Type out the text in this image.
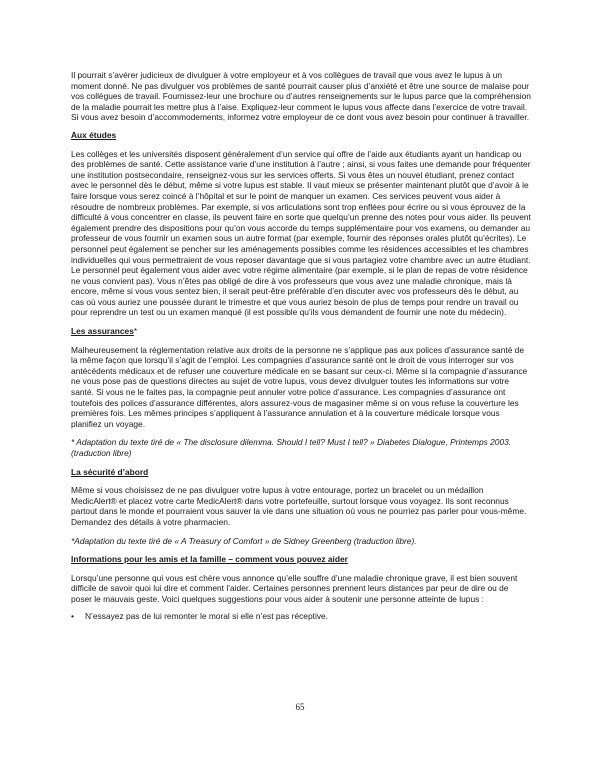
Il pourrait s’avérer judicieux de divulguer à votre employeur et à vos collègues de travail que vous avez le lupus à un moment donné. Ne pas divulguer vos problèmes de santé pourrait causer plus d’anxiété et être une source de malaise pour vos collègues de travail. Fournissez-leur une brochure ou d’autres renseignements sur le lupus parce que la compréhension de la maladie pourrait les mettre plus à l’aise. Expliquez-leur comment le lupus vous affecte dans l’exercice de votre travail. Si vous avez besoin d’accommodements, informez votre employeur de ce dont vous avez besoin pour continuer à travailler.

Aux études

Les collèges et les universités disposent généralement d’un service qui offre de l’aide aux étudiants ayant un handicap ou des problèmes de santé. Cette assistance varie d’une institution à l’autre ; ainsi, si vous faites une demande pour fréquenter une institution postsecondaire, renseignez-vous sur les services offerts. Si vous êtes un nouvel étudiant, prenez contact avec le personnel dès le début, même si votre lupus est stable. Il vaut mieux se présenter maintenant plutôt que d’avoir à le faire lorsque vous serez coincé à l’hôpital et sur le point de manquer un examen. Ces services peuvent vous aider à résoudre de nombreux problèmes. Par exemple, si vos articulations sont trop enflées pour écrire ou si vous éprouvez de la difficulté à vous concentrer en classe, ils peuvent faire en sorte que quelqu’un prenne des notes pour vous aider. Ils peuvent également prendre des dispositions pour qu’on vous accorde du temps supplémentaire pour vos examens, ou demander au professeur de vous fournir un examen sous un autre format (par exemple, fournir des réponses orales plutôt qu’écrites). Le personnel peut également se pencher sur les aménagements possibles comme les résidences accessibles et les chambres individuelles qui vous permettraient de vous reposer davantage que si vous partagiez votre chambre avec un autre étudiant. Le personnel peut également vous aider avec votre régime alimentaire (par exemple, si le plan de repas de votre résidence ne vous convient pas). Vous n’êtes pas obligé de dire à vos professeurs que vous avez une maladie chronique, mais là encore, même si vous vous sentez bien, il serait peut-être préférable d’en discuter avec vos professeurs dès le début, au cas où vous auriez une poussée durant le trimestre et que vous auriez besoin de plus de temps pour rendre un travail ou pour reprendre un test ou un examen manqué (il est possible qu’ils vous demandent de fournir une note du médecin).

Les assurances*

Malheureusement la réglementation relative aux droits de la personne ne s’applique pas aux polices d’assurance santé de la même façon que lorsqu’il s’agit de l’emploi. Les compagnies d’assurance santé ont le droit de vous interroger sur vos antécédents médicaux et de refuser une couverture médicale en se basant sur ceux-ci. Même si la compagnie d’assurance ne vous pose pas de questions directes au sujet de votre lupus, vous devez divulguer toutes les informations sur votre santé. Si vous ne le faites pas, la compagnie peut annuler votre police d’assurance. Les compagnies d’assurance ont toutefois des polices d’assurance différentes, alors assurez-vous de magasiner même si on vous refuse la couverture les premières fois. Les mêmes principes s’appliquent à l’assurance annulation et à la couverture médicale lorsque vous planifiez un voyage.

* Adaptation du texte tiré de « The disclosure dilemma. Should I tell? Must I tell? » Diabetes Dialogue, Printemps 2003. (traduction libre)

La sécurité d’abord

Même si vous choisissez de ne pas divulguer votre lupus à votre entourage, portez un bracelet ou un médaillon MedicAlert® et placez votre carte MedicAlert® dans votre portefeuille, surtout lorsque vous voyagez. Ils sont reconnus partout dans le monde et pourraient vous sauver la vie dans une situation où vous ne pourriez pas parler pour vous-même. Demandez des détails à votre pharmacien.

*Adaptation du texte tiré de « A Treasury of Comfort » de Sidney Greenberg (traduction libre).

Informations pour les amis et la famille – comment vous pouvez aider

Lorsqu’une personne qui vous est chère vous annonce qu’elle souffre d’une maladie chronique grave, il est bien souvent difficile de savoir quoi lui dire et comment l’aider. Certaines personnes prennent leurs distances par peur de dire ou de poser le mauvais geste. Voici quelques suggestions pour vous aider à soutenir une personne atteinte de lupus :

• N’essayez pas de lui remonter le moral si elle n’est pas réceptive.
65
